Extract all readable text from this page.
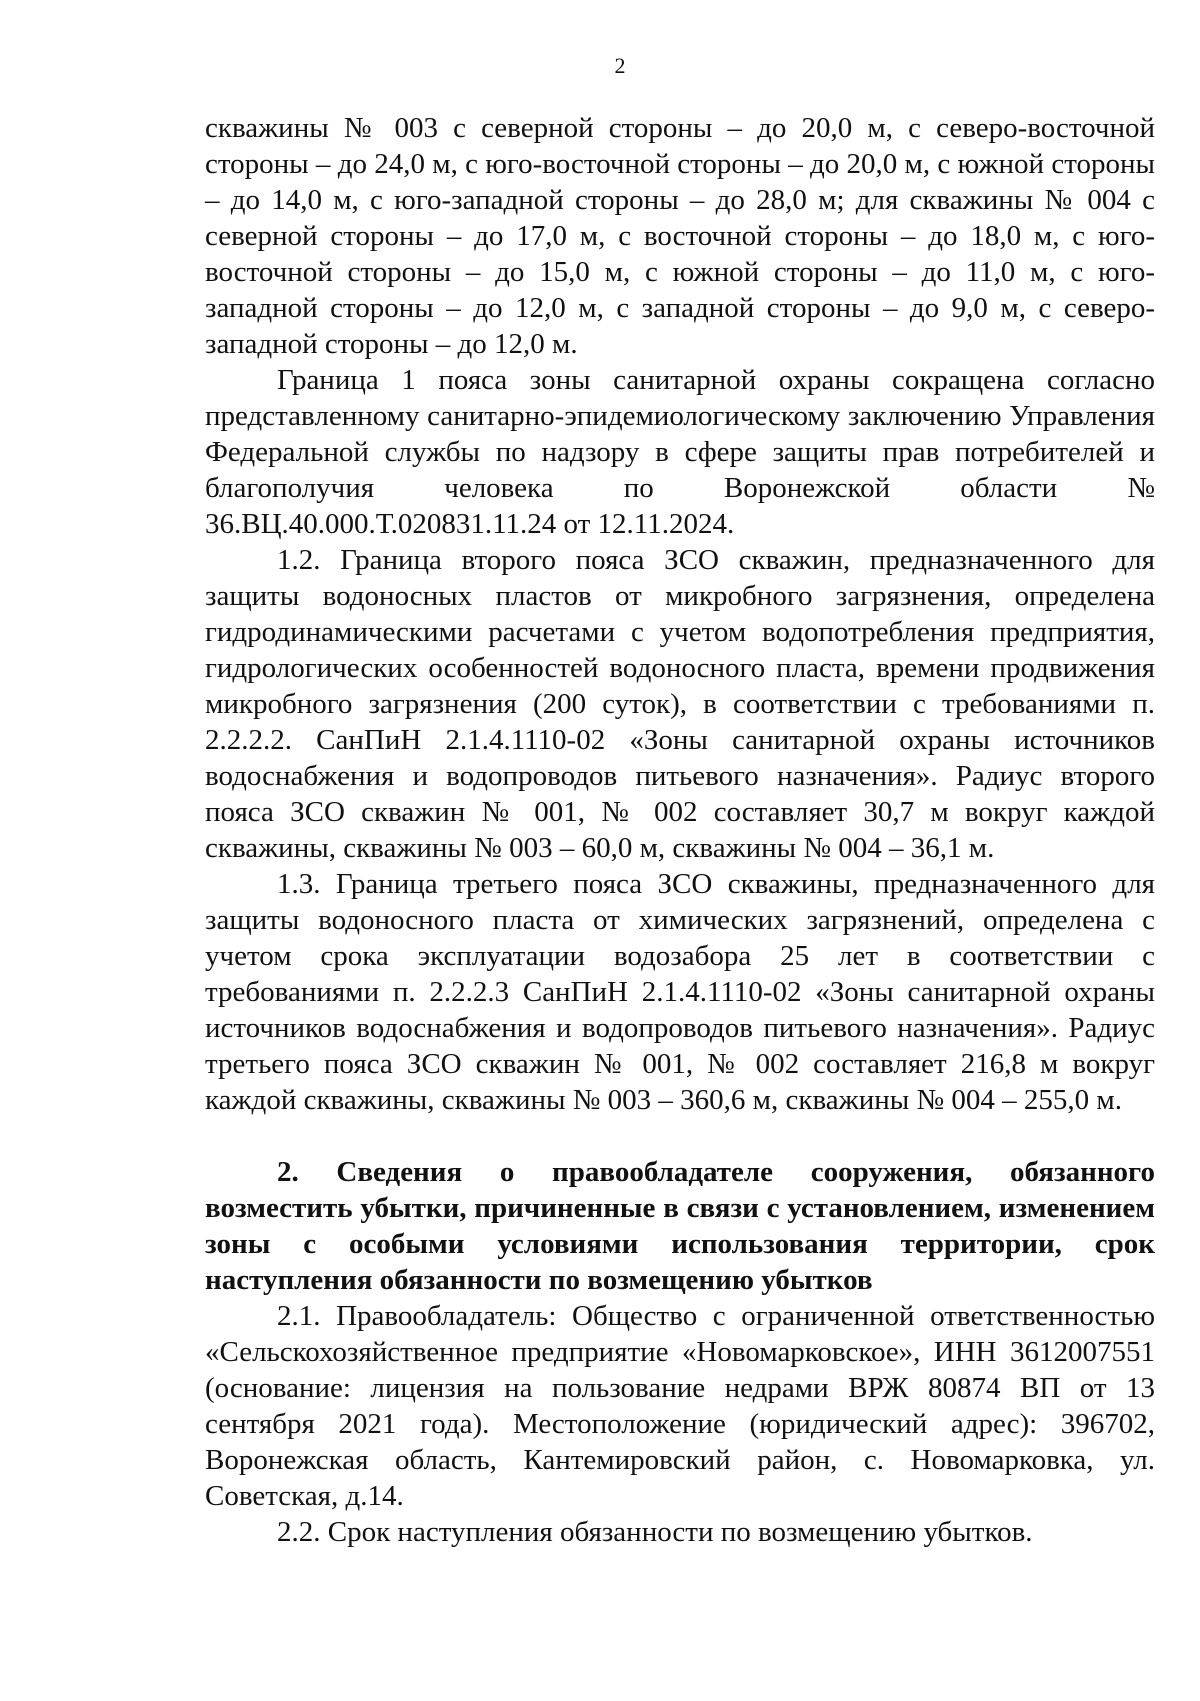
2

скважины № 003 с северной стороны – до 20,0 м, с северо-восточной стороны – до 24,0 м, с юго-восточной стороны – до 20,0 м, с южной стороны – до 14,0 м, с юго-западной стороны – до 28,0 м; для скважины № 004 с северной стороны – до 17,0 м, с восточной стороны – до 18,0 м, с юго-восточной стороны – до 15,0 м, с южной стороны – до 11,0 м, с юго-западной стороны – до 12,0 м, с западной стороны – до 9,0 м, с северо-западной стороны – до 12,0 м.

Граница 1 пояса зоны санитарной охраны сокращена согласно представленному санитарно-эпидемиологическому заключению Управления Федеральной службы по надзору в сфере защиты прав потребителей и благополучия человека по Воронежской области № 36.ВЦ.40.000.Т.020831.11.24 от 12.11.2024.

1.2. Граница второго пояса ЗСО скважин, предназначенного для защиты водоносных пластов от микробного загрязнения, определена гидродинамическими расчетами с учетом водопотребления предприятия, гидрологических особенностей водоносного пласта, времени продвижения микробного загрязнения (200 суток), в соответствии с требованиями п. 2.2.2.2. СанПиН 2.1.4.1110-02 «Зоны санитарной охраны источников водоснабжения и водопроводов питьевого назначения». Радиус второго пояса ЗСО скважин № 001, № 002 составляет 30,7 м вокруг каждой скважины, скважины № 003 – 60,0 м, скважины № 004 – 36,1 м.

1.3. Граница третьего пояса ЗСО скважины, предназначенного для защиты водоносного пласта от химических загрязнений, определена с учетом срока эксплуатации водозабора 25 лет в соответствии с требованиями п. 2.2.2.3 СанПиН 2.1.4.1110-02 «Зоны санитарной охраны источников водоснабжения и водопроводов питьевого назначения». Радиус третьего пояса ЗСО скважин № 001, № 002 составляет 216,8 м вокруг каждой скважины, скважины № 003 – 360,6 м, скважины № 004 – 255,0 м.

2. Сведения о правообладателе сооружения, обязанного возместить убытки, причиненные в связи с установлением, изменением зоны с особыми условиями использования территории, срок наступления обязанности по возмещению убытков

2.1. Правообладатель: Общество с ограниченной ответственностью «Сельскохозяйственное предприятие «Новомарковское», ИНН 3612007551 (основание: лицензия на пользование недрами ВРЖ 80874 ВП от 13 сентября 2021 года). Местоположение (юридический адрес): 396702, Воронежская область, Кантемировский район, с. Новомарковка, ул. Советская, д.14.

2.2. Срок наступления обязанности по возмещению убытков.
